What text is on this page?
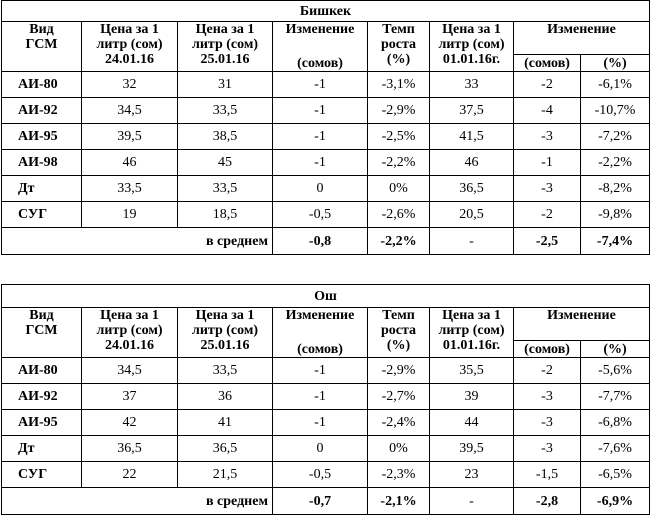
Бишкек							

Вид
ГСМ	Цена за 1
литр (сом)
24.01.16	Цена за 1
литр (сом)
25.01.16	Изменение	Темп
роста
(%)	Цена за 1
литр (сом)
01.01.16г.	Изменение	
			(сомов)			(сомов)	(%)
АИ-80	32	31	-1	-3,1%	33	-2	-6,1%
АИ-92	34,5	33,5	-1	-2,9%	37,5	-4	-10,7%
АИ-95	39,5	38,5	-1	-2,5%	41,5	-3	-7,2%
АИ-98	46	45	-1	-2,2%	46	-1	-2,2%
Дт	33,5	33,5	0	0%	36,5	-3	-8,2%
СУГ	19	18,5	-0,5	-2,6%	20,5	-2	-9,8%
в среднем			-0,8	-2,2%	-	-2,5	-7,4%
Ош							

Вид
ГСМ	Цена за 1
литр (сом)
24.01.16	Цена за 1
литр (сом)
25.01.16	Изменение	Темп
роста
(%)	Цена за 1
литр (сом)
01.01.16г.	Изменение	
			(сомов)			(сомов)	(%)
АИ-80	34,5	33,5	-1	-2,9%	35,5	-2	-5,6%
АИ-92	37	36	-1	-2,7%	39	-3	-7,7%
АИ-95	42	41	-1	-2,4%	44	-3	-6,8%
Дт	36,5	36,5	0	0%	39,5	-3	-7,6%
СУГ	22	21,5	-0,5	-2,3%	23	-1,5	-6,5%
в среднем			-0,7	-2,1%	-	-2,8	-6,9%
